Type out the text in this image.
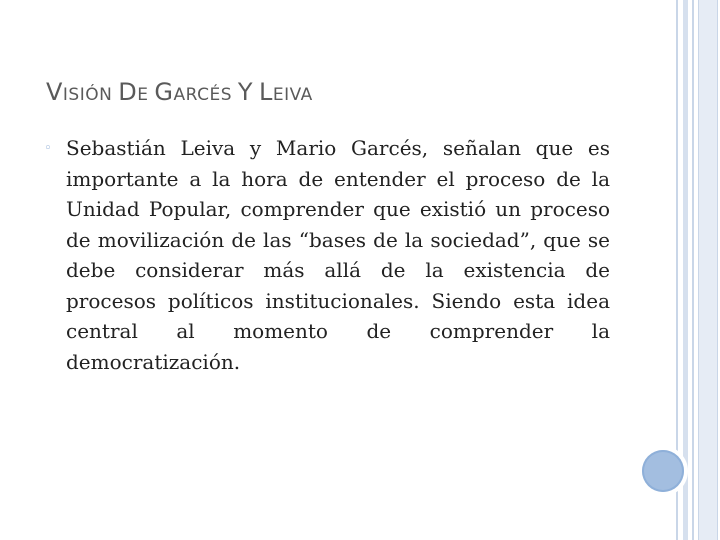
VISIÓN DE GARCÉS Y LEIVA
◦ Sebastián Leiva y Mario Garcés, señalan que es importante a la hora de entender el proceso de la Unidad Popular, comprender que existió un proceso de movilización de las “bases de la sociedad”, que se debe considerar más allá de la existencia de procesos políticos institucionales. Siendo esta idea central al momento de comprender la democratización.
